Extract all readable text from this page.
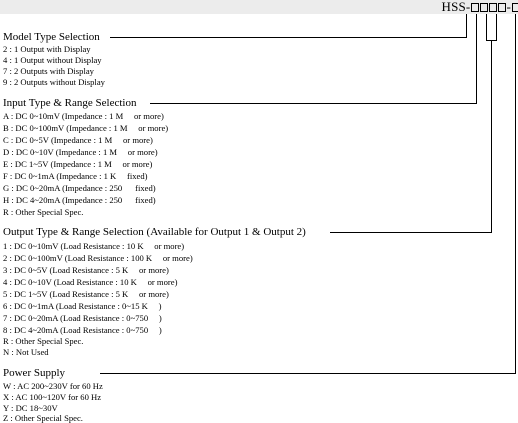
HSS-	-
Model Type Selection
2 : 1 Output with Display
4 : 1 Output without Display
7 : 2 Outputs with Display
9 : 2 Outputs without Display
Input Type & Range Selection
A : DC 0~10mV (Impedance : 1 M     or more)
B : DC 0~100mV (Impedance : 1 M     or more)
C : DC 0~5V (Impedance : 1 M     or more)
D : DC 0~10V (Impedance : 1 M     or more)
E : DC 1~5V (Impedance : 1 M     or more)
F : DC 0~1mA (Impedance : 1 K     fixed)
G : DC 0~20mA (Impedance : 250      fixed)
H : DC 4~20mA (Impedance : 250      fixed)
R : Other Special Spec.
Output Type & Range Selection (Available for Output 1 & Output 2)
1 : DC 0~10mV (Load Resistance : 10 K     or more)
2 : DC 0~100mV (Load Resistance : 100 K     or more)
3 : DC 0~5V (Load Resistance : 5 K     or more)
4 : DC 0~10V (Load Resistance : 10 K     or more)
5 : DC 1~5V (Load Resistance : 5 K     or more)
6 : DC 0~1mA (Load Resistance : 0~15 K     )
7 : DC 0~20mA (Load Resistance : 0~750     )
8 : DC 4~20mA (Load Resistance : 0~750     )
R : Other Special Spec.
N : Not Used
Power Supply
W : AC 200~230V for 60 Hz
X : AC 100~120V for 60 Hz
Y : DC 18~30V
Z : Other Special Spec.
